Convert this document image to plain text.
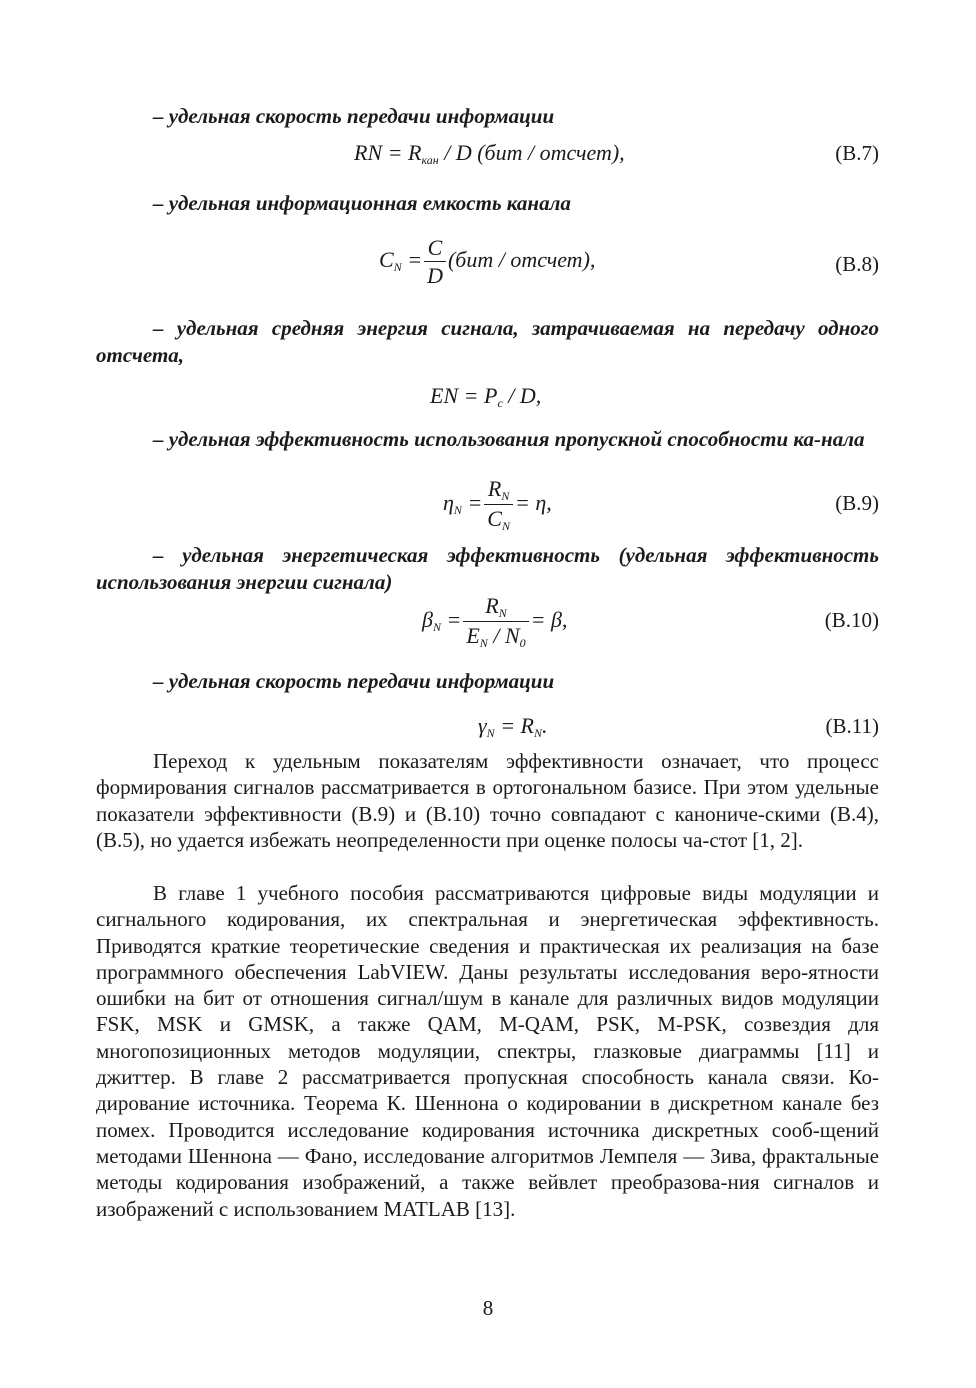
– удельная скорость передачи информации
RN = $R_{кан}$ / D (бит / отсчет),	(В.7)
– удельная информационная емкость канала
$C_N = \frac{C}{D} (бит$ / отсчет),	(В.8)
– удельная средняя энергия сигнала, затрачиваемая на передачу одного отсчета,
EN = $P_с$ / D,
– удельная эффективность использования пропускной способности ка-нала
$\eta_N = \frac{R_N}{C_N} = \eta$,	(В.9)
– удельная энергетическая эффективность (удельная эффективность использования энергии сигнала)
$\beta_N = \frac{R_N}{E_N / N_0} = \beta$,	(В.10)
– удельная скорость передачи информации
$\gamma_N = R_N$.	(В.11)

Переход к удельным показателям эффективности означает, что процесс формирования сигналов рассматривается в ортогональном базисе. При этом удельные показатели эффективности (В.9) и (В.10) точно совпадают с канониче-скими (В.4), (В.5), но удается избежать неопределенности при оценке полосы ча-стот [1, 2].

В главе 1 учебного пособия рассматриваются цифровые виды модуляции и сигнального кодирования, их спектральная и энергетическая эффективность. Приводятся краткие теоретические сведения и практическая их реализация на базе программного обеспечения LabVIEW. Даны результаты исследования веро-ятности ошибки на бит от отношения сигнал/шум в канале для различных видов модуляции FSK, MSK и GMSK, а также QAM, M-QAM, PSK, M-PSK, созвездия для многопозиционных методов модуляции, спектры, глазковые диаграммы [11] и джиттер. В главе 2 рассматривается пропускная способность канала связи. Ко-дирование источника. Теорема К. Шеннона о кодировании в дискретном канале без помех. Проводится исследование кодирования источника дискретных сооб-щений методами Шеннона — Фано, исследование алгоритмов Лемпеля — Зива, фрактальные методы кодирования изображений, а также вейвлет преобразова-ния сигналов и изображений с использованием MATLAB [13].

8
